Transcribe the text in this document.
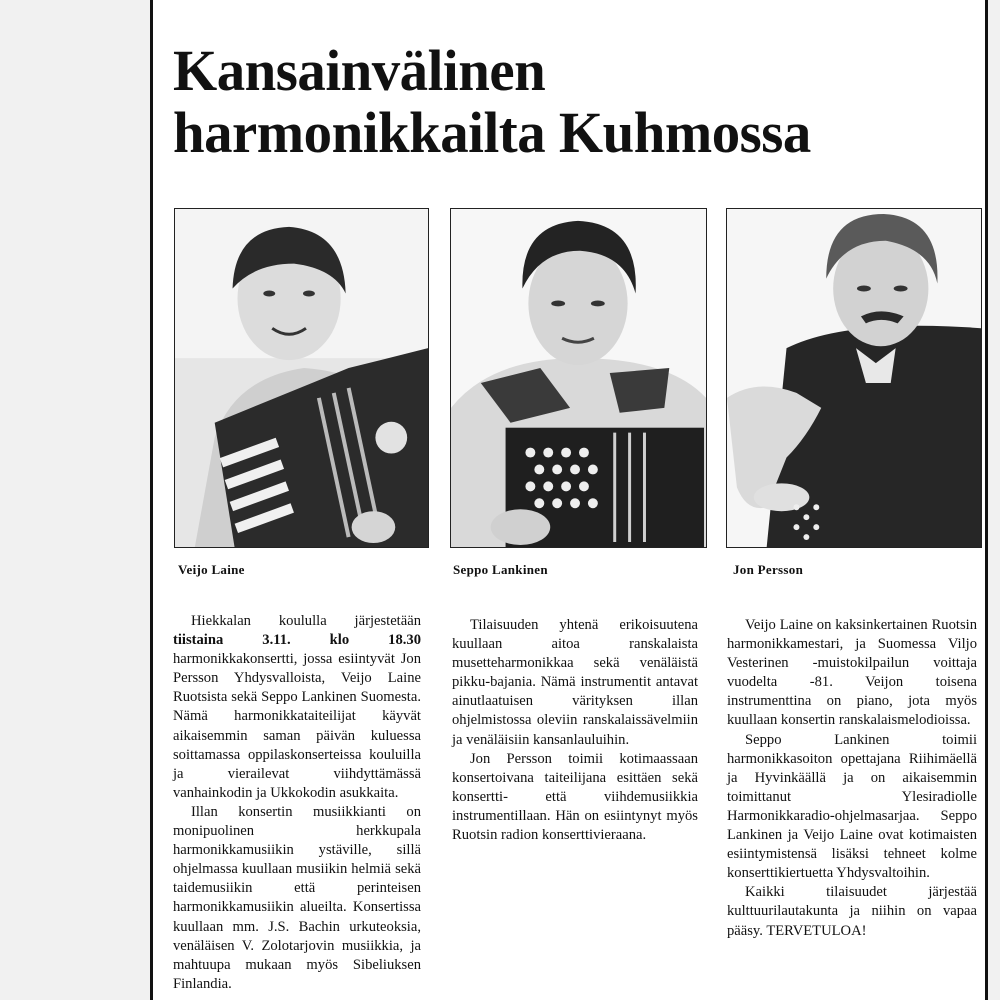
Kansainvälinen
harmonikkailta Kuhmossa
Veijo Laine	Seppo Lankinen	Jon Persson

Hiekkalan koululla järjestetään tiistaina 3.11. klo 18.30 harmonikkakonsertti, jossa esiintyvät Jon Persson Yhdysvalloista, Veijo Laine Ruotsista sekä Seppo Lankinen Suomesta. Nämä harmonikkataiteilijat käyvät aikaisemmin saman päivän kuluessa soittamassa oppilaskonserteissa kouluilla ja vierailevat viihdyttämässä vanhainkodin ja Ukkokodin asukkaita.

Illan konsertin musiikkianti on monipuolinen herkkupala harmonikkamusiikin ystäville, sillä ohjelmassa kuullaan musiikin helmiä sekä taidemusiikin että perinteisen harmonikkamusiikin alueilta. Konsertissa kuullaan mm. J.S. Bachin urkuteoksia, venäläisen V. Zolotarjovin musiikkia, ja mahtuupa mukaan myös Sibeliuksen Finlandia.

Tilaisuuden yhtenä erikoisuutena kuullaan aitoa ranskalaista musetteharmonikkaa sekä venäläistä pikku-bajania. Nämä instrumentit antavat ainutlaatuisen värityksen illan ohjelmistossa oleviin ranskalaissävelmiin ja venäläisiin kansanlauluihin.

Jon Persson toimii kotimaassaan konsertoivana taiteilijana esittäen sekä konsertti- että viihdemusiikkia instrumentillaan. Hän on esiintynyt myös Ruotsin radion konserttivieraana.

Veijo Laine on kaksinkertainen Ruotsin harmonikkamestari, ja Suomessa Viljo Vesterinen -muistokilpailun voittaja vuodelta -81. Veijon toisena instrumenttina on piano, jota myös kuullaan konsertin ranskalaismelodioissa.

Seppo Lankinen toimii harmonikkasoiton opettajana Riihimäellä ja Hyvinkäällä ja on aikaisemmin toimittanut Ylesiradiolle Harmonikkaradio-ohjelmasarjaa. Seppo Lankinen ja Veijo Laine ovat kotimaisten esiintymistensä lisäksi tehneet kolme konserttikiertuetta Yhdysvaltoihin.

Kaikki tilaisuudet järjestää kulttuurilautakunta ja niihin on vapaa pääsy. TERVETULOA!
